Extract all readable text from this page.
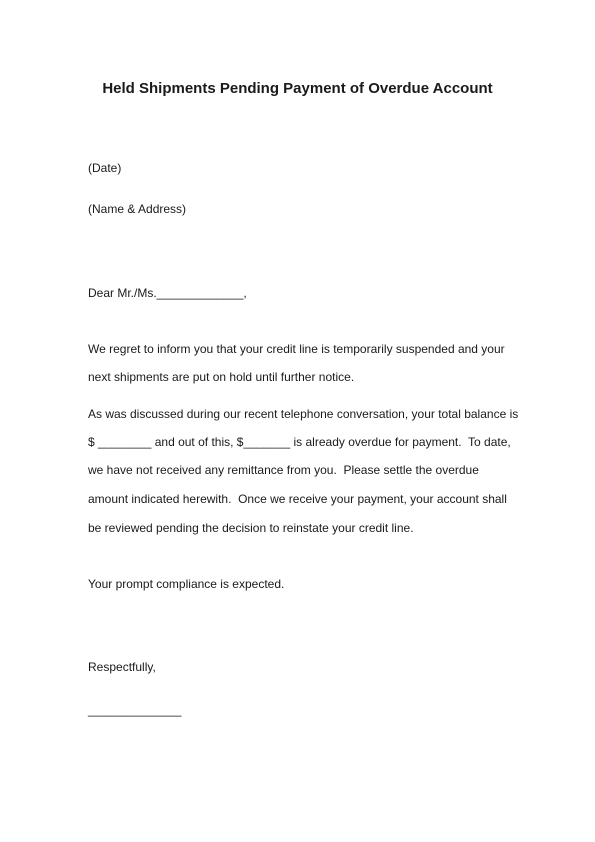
Held Shipments Pending Payment of Overdue Account

(Date)

(Name & Address)

Dear Mr./Ms._____________,

We regret to inform you that your credit line is temporarily suspended and your

next shipments are put on hold until further notice.

As was discussed during our recent telephone conversation, your total balance is

$ ________ and out of this, $_______ is already overdue for payment.  To date,

we have not received any remittance from you.  Please settle the overdue

amount indicated herewith.  Once we receive your payment, your account shall

be reviewed pending the decision to reinstate your credit line.

Your prompt compliance is expected.

Respectfully,

______________
